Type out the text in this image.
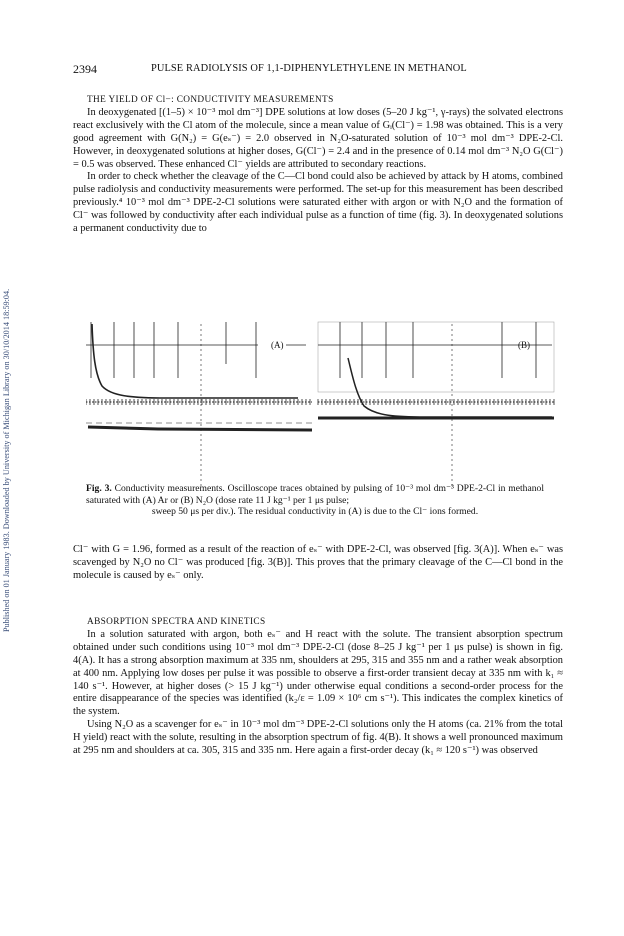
Published on 01 January 1983. Downloaded by University of Michigan Library on 30/10/2014 18:59:04.
2394	PULSE RADIOLYSIS OF 1,1-DIPHENYLETHYLENE IN METHANOL

THE YIELD OF Cl−: CONDUCTIVITY MEASUREMENTS

In deoxygenated [(1–5) × 10⁻³ mol dm⁻³] DPE solutions at low doses (5–20 J kg⁻¹, γ-rays) the solvated electrons react exclusively with the Cl atom of the molecule, since a mean value of Gᵢ(Cl⁻) = 1.98 was obtained. This is a very good agreement with G(N₂) = G(eₛ⁻) = 2.0 observed in N₂O-saturated solution of 10⁻³ mol dm⁻³ DPE-2-Cl. However, in deoxygenated solutions at higher doses, G(Cl⁻) = 2.4 and in the presence of 0.14 mol dm⁻³ N₂O G(Cl⁻) = 0.5 was observed. These enhanced Cl⁻ yields are attributed to secondary reactions.

In order to check whether the cleavage of the C—Cl bond could also be achieved by attack by H atoms, combined pulse radiolysis and conductivity measurements were performed. The set-up for this measurement has been described previously.⁴ 10⁻³ mol dm⁻³ DPE-2-Cl solutions were saturated either with argon or with N₂O and the formation of Cl⁻ was followed by conductivity after each individual pulse as a function of time (fig. 3). In deoxygenated solutions a permanent conductivity due to

(A)	(B)
Fig. 3. Conductivity measurements. Oscilloscope traces obtained by pulsing of 10⁻³ mol dm⁻³ DPE-2-Cl in methanol saturated with (A) Ar or (B) N₂O (dose rate 11 J kg⁻¹ per 1 μs pulse;
sweep 50 μs per div.). The residual conductivity in (A) is due to the Cl⁻ ions formed.

Cl⁻ with G = 1.96, formed as a result of the reaction of eₛ⁻ with DPE-2-Cl, was observed [fig. 3(A)]. When eₛ⁻ was scavenged by N₂O no Cl⁻ was produced [fig. 3(B)]. This proves that the primary cleavage of the C—Cl bond in the molecule is caused by eₛ⁻ only.

ABSORPTION SPECTRA AND KINETICS

In a solution saturated with argon, both eₛ⁻ and H react with the solute. The transient absorption spectrum obtained under such conditions using 10⁻³ mol dm⁻³ DPE-2-Cl (dose 8–25 J kg⁻¹ per 1 μs pulse) is shown in fig. 4(A). It has a strong absorption maximum at 335 nm, shoulders at 295, 315 and 355 nm and a rather weak absorption at 400 nm. Applying low doses per pulse it was possible to observe a first-order transient decay at 335 nm with k₁ ≈ 140 s⁻¹. However, at higher doses (> 15 J kg⁻¹) under otherwise equal conditions a second-order process for the entire disappearance of the species was identified (k₂/ε = 1.09 × 10⁶ cm s⁻¹). This indicates the complex kinetics of the system.

Using N₂O as a scavenger for eₛ⁻ in 10⁻³ mol dm⁻³ DPE-2-Cl solutions only the H atoms (ca. 21% from the total H yield) react with the solute, resulting in the absorption spectrum of fig. 4(B). It shows a well pronounced maximum at 295 nm and shoulders at ca. 305, 315 and 335 nm. Here again a first-order decay (k₁ ≈ 120 s⁻¹) was observed
